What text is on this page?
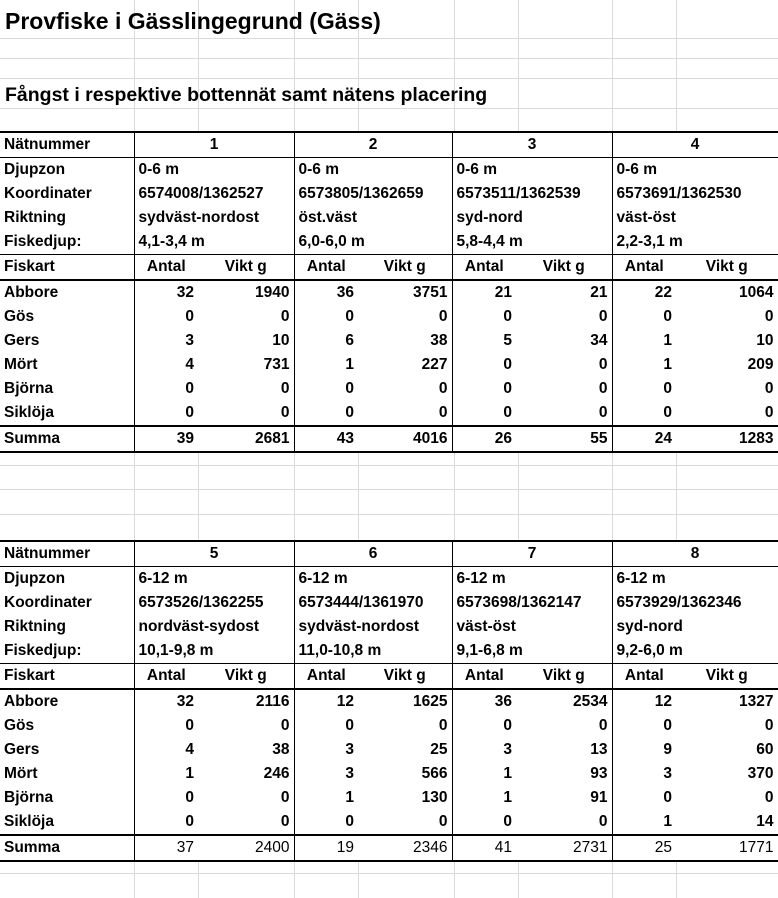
Provfiske i Gässlingegrund (Gäss)
Fångst i respektive bottennät samt nätens placering
Nätnummer	1		2		3		4	
Djupzon	0-6 m		0-6 m		0-6 m		0-6 m	
Koordinater	6574008/1362527		6573805/1362659		6573511/1362539		6573691/1362530	
Riktning	sydväst-nordost		öst.väst		syd-nord		väst-öst	
Fiskedjup:	4,1-3,4 m		6,0-6,0 m		5,8-4,4 m		2,2-3,1 m	
Fiskart	Antal	Vikt g	Antal	Vikt g	Antal	Vikt g	Antal	Vikt g
Abbore	32	1940	36	3751	21	21	22	1064
Gös	0	0	0	0	0	0	0	0
Gers	3	10	6	38	5	34	1	10
Mört	4	731	1	227	0	0	1	209
Björna	0	0	0	0	0	0	0	0
Siklöja	0	0	0	0	0	0	0	0
Summa	39	2681	43	4016	26	55	24	1283
Nätnummer	5		6		7		8	
Djupzon	6-12 m		6-12 m		6-12 m		6-12 m	
Koordinater	6573526/1362255		6573444/1361970		6573698/1362147		6573929/1362346	
Riktning	nordväst-sydost		sydväst-nordost		väst-öst		syd-nord	
Fiskedjup:	10,1-9,8 m		11,0-10,8 m		9,1-6,8 m		9,2-6,0 m	
Fiskart	Antal	Vikt g	Antal	Vikt g	Antal	Vikt g	Antal	Vikt g
Abbore	32	2116	12	1625	36	2534	12	1327
Gös	0	0	0	0	0	0	0	0
Gers	4	38	3	25	3	13	9	60
Mört	1	246	3	566	1	93	3	370
Björna	0	0	1	130	1	91	0	0
Siklöja	0	0	0	0	0	0	1	14
Summa	37	2400	19	2346	41	2731	25	1771
